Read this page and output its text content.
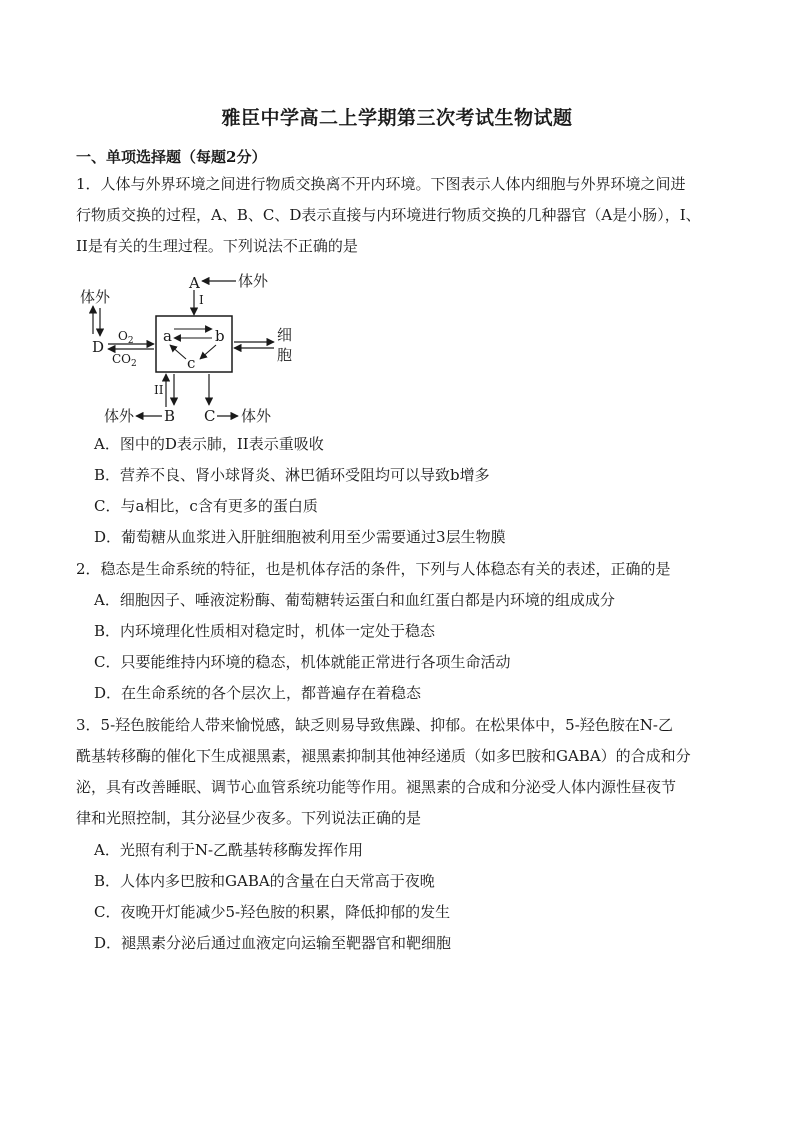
雅臣中学高二上学期第三次考试生物试题
一、单项选择题（每题2分）
1．人体与外界环境之间进行物质交换离不开内环境。下图表示人体内细胞与外界环境之间进
行物质交换的过程，A、B、C、D表示直接与内环境进行物质交换的几种器官（A是小肠），I、
II是有关的生理过程。下列说法不正确的是
A	体外
I
体外
D
$O_2$
$CO_2$
a	b
c
细
胞
II
B
体外	C 体外
A．图中的D表示肺，II表示重吸收
B．营养不良、肾小球肾炎、淋巴循环受阻均可以导致b增多
C．与a相比，c含有更多的蛋白质
D．葡萄糖从血浆进入肝脏细胞被利用至少需要通过3层生物膜
2．稳态是生命系统的特征，也是机体存活的条件，下列与人体稳态有关的表述，正确的是
A．细胞因子、唾液淀粉酶、葡萄糖转运蛋白和血红蛋白都是内环境的组成成分
B．内环境理化性质相对稳定时，机体一定处于稳态
C．只要能维持内环境的稳态，机体就能正常进行各项生命活动
D．在生命系统的各个层次上，都普遍存在着稳态
3．5-羟色胺能给人带来愉悦感，缺乏则易导致焦躁、抑郁。在松果体中，5-羟色胺在N-乙
酰基转移酶的催化下生成褪黑素，褪黑素抑制其他神经递质（如多巴胺和GABA）的合成和分
泌，具有改善睡眠、调节心血管系统功能等作用。褪黑素的合成和分泌受人体内源性昼夜节
律和光照控制，其分泌昼少夜多。下列说法正确的是
A．光照有利于N-乙酰基转移酶发挥作用
B．人体内多巴胺和GABA的含量在白天常高于夜晚
C．夜晚开灯能减少5-羟色胺的积累，降低抑郁的发生
D．褪黑素分泌后通过血液定向运输至靶器官和靶细胞
